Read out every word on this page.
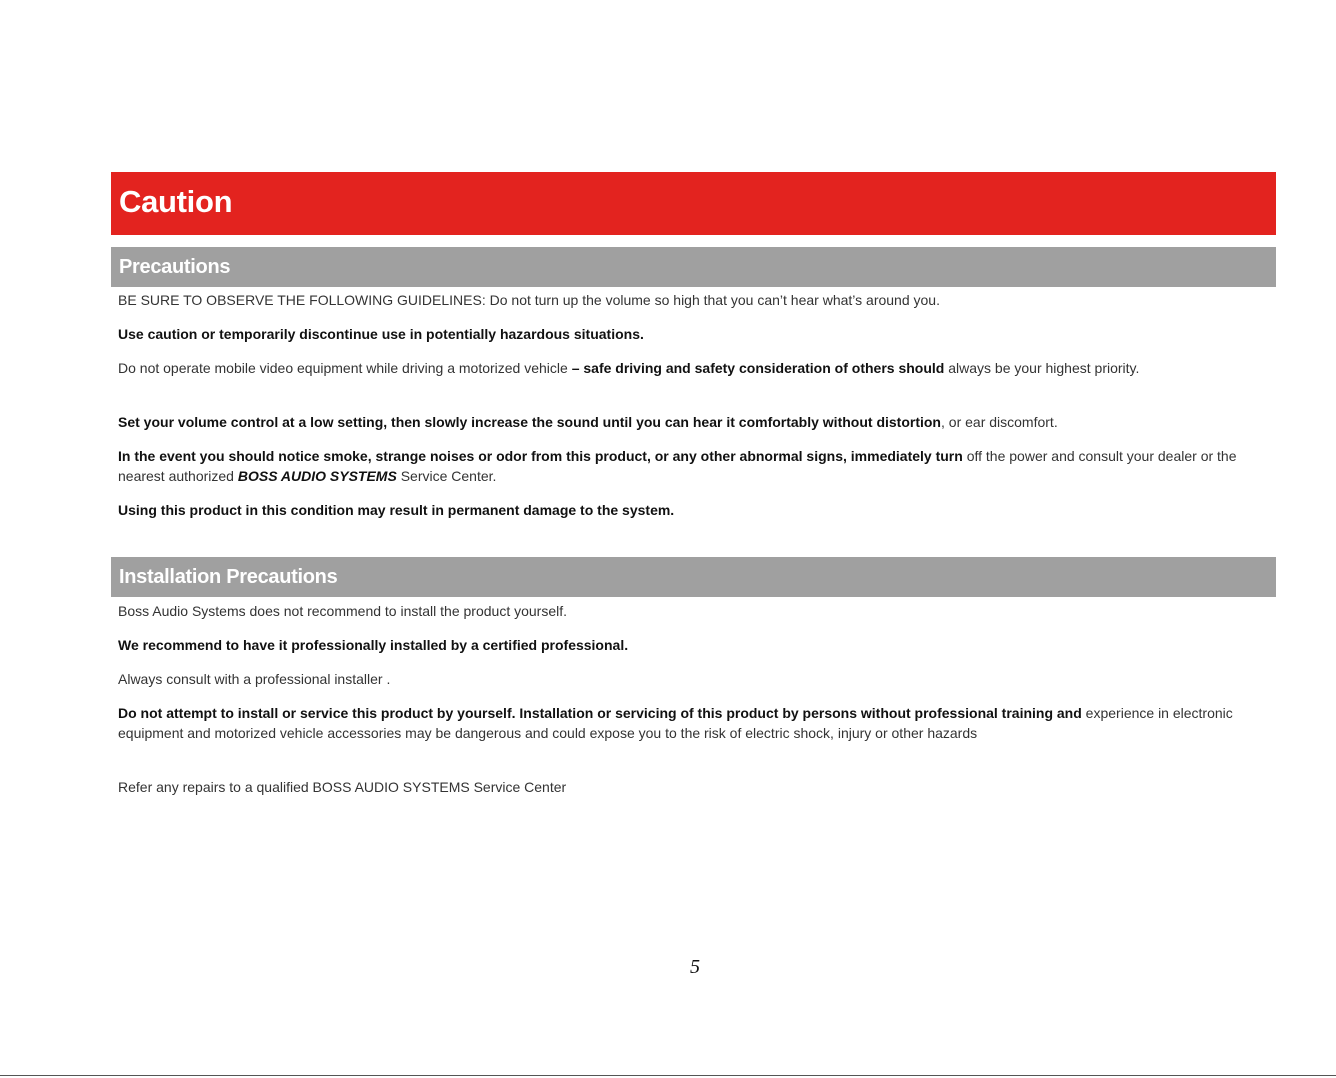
Caution
Precautions

BE SURE TO OBSERVE THE FOLLOWING GUIDELINES: Do not turn up the volume so high that you can’t hear what’s around you.

Use caution or temporarily discontinue use in potentially hazardous situations.

Do not operate mobile video equipment while driving a motorized vehicle – safe driving and safety consideration of others should always be your highest priority.

Set your volume control at a low setting, then slowly increase the sound until you can hear it comfortably without distortion, or ear discomfort.

In the event you should notice smoke, strange noises or odor from this product, or any other abnormal signs, immediately turn off the power and consult your dealer or the nearest authorized BOSS AUDIO SYSTEMS Service Center.

Using this product in this condition may result in permanent damage to the system.

Installation Precautions

Boss Audio Systems does not recommend to install the product yourself.

We recommend to have it professionally installed by a certified professional.

Always consult with a professional installer .

Do not attempt to install or service this product by yourself. Installation or servicing of this product by persons without professional training and experience in electronic equipment and motorized vehicle accessories may be dangerous and could expose you to the risk of electric shock, injury or other hazards

Refer any repairs to a qualified BOSS AUDIO SYSTEMS Service Center

5
